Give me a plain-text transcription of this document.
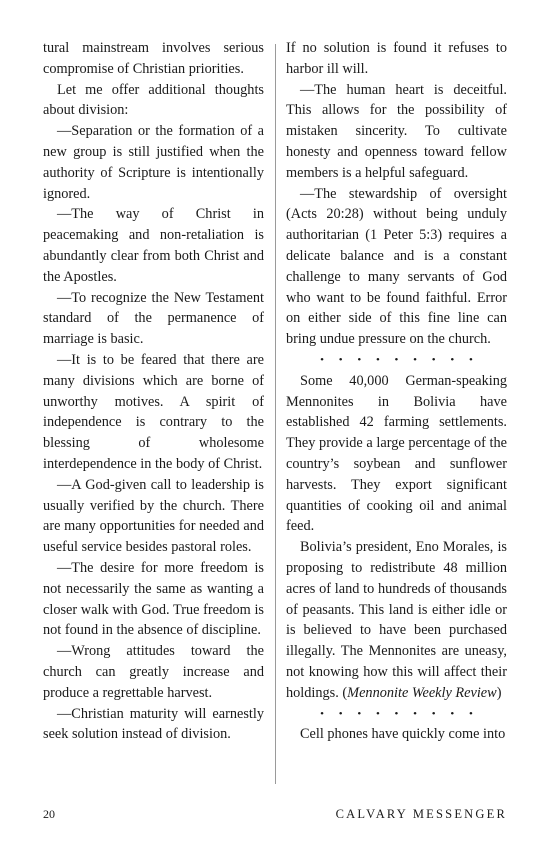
tural mainstream involves serious compromise of Christian priorities.

Let me offer additional thoughts about division:

—Separation or the formation of a new group is still justified when the authority of Scripture is intentionally ignored.

—The way of Christ in peacemaking and non-retaliation is abundantly clear from both Christ and the Apostles.

—To recognize the New Testament standard of the permanence of marriage is basic.

—It is to be feared that there are many divisions which are borne of unworthy motives. A spirit of independence is contrary to the blessing of wholesome interdependence in the body of Christ.

—A God-given call to leadership is usually verified by the church. There are many opportunities for needed and useful service besides pastoral roles.

—The desire for more freedom is not necessarily the same as wanting a closer walk with God. True freedom is not found in the absence of discipline.

—Wrong attitudes toward the church can greatly increase and produce a regrettable harvest.

—Christian maturity will earnestly seek solution instead of division.

If no solution is found it refuses to harbor ill will.

—The human heart is deceitful. This allows for the possibility of mistaken sincerity. To cultivate honesty and openness toward fellow members is a helpful safeguard.

—The stewardship of oversight (Acts 20:28) without being unduly authoritarian (1 Peter 5:3) requires a delicate balance and is a constant challenge to many servants of God who want to be found faithful. Error on either side of this fine line can bring undue pressure on the church.

• • • • • • • • •

Some 40,000 German-speaking Mennonites in Bolivia have established 42 farming settlements. They provide a large percentage of the country’s soybean and sunflower harvests. They export significant quantities of cooking oil and animal feed.

Bolivia’s president, Eno Morales, is proposing to redistribute 48 million acres of land to hundreds of thousands of peasants. This land is either idle or is believed to have been purchased illegally. The Mennonites are uneasy, not knowing how this will affect their holdings. (Mennonite Weekly Review)

• • • • • • • • •

Cell phones have quickly come into

20	CALVARY MESSENGER
